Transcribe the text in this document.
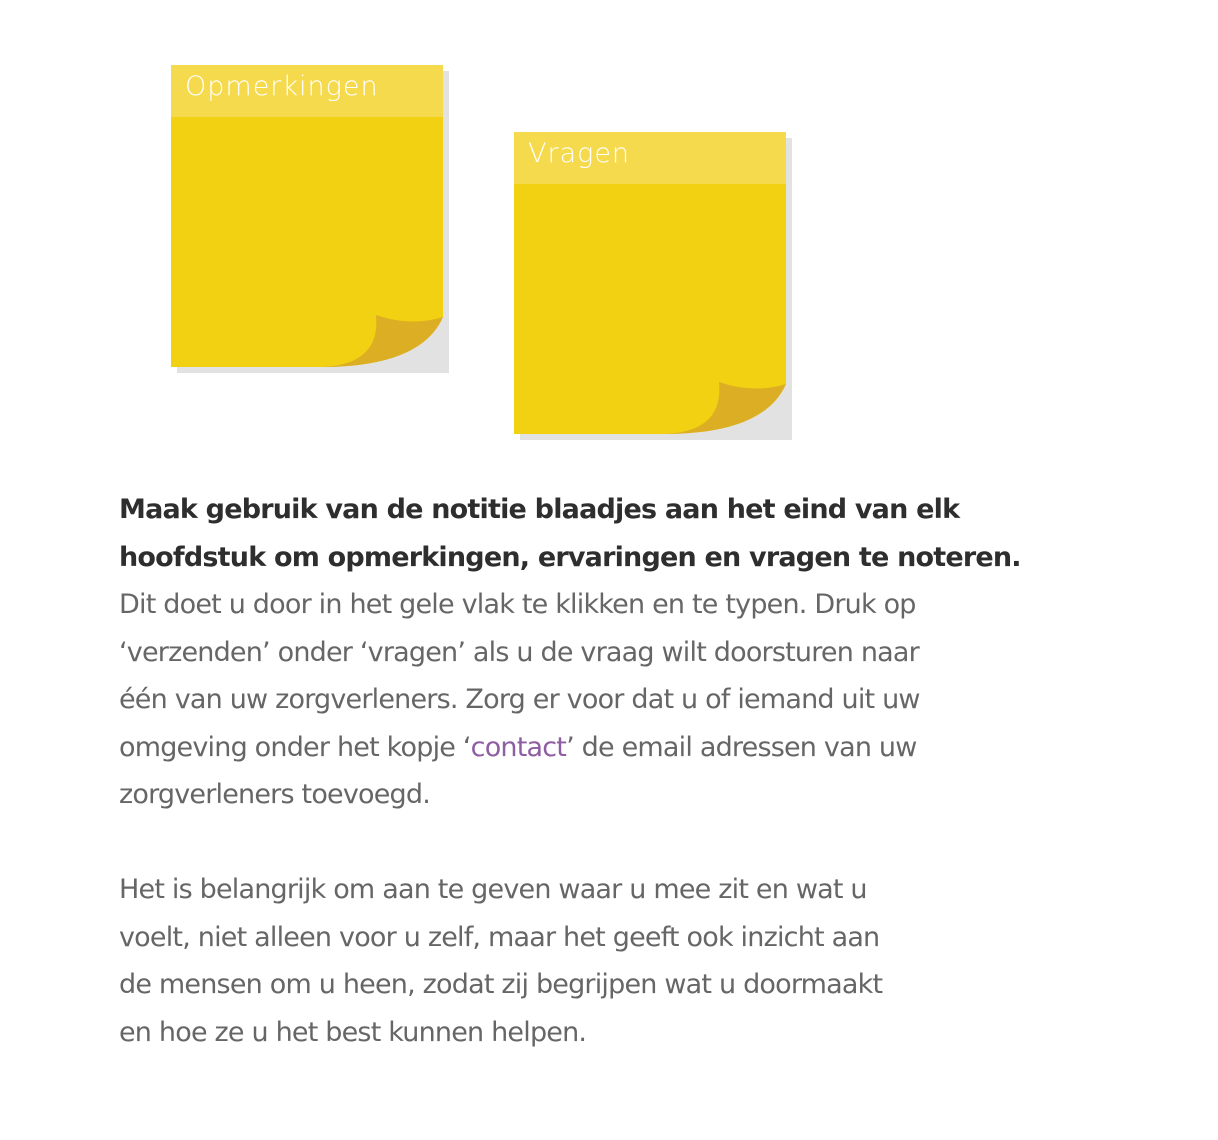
Opmerkingen
Vragen
Maak gebruik van de notitie blaadjes aan het eind van elk
hoofdstuk om opmerkingen, ervaringen en vragen te noteren.
Dit doet u door in het gele vlak te klikken en te typen. Druk op
‘verzenden’ onder ‘vragen’ als u de vraag wilt doorsturen naar
één van uw zorgverleners. Zorg er voor dat u of iemand uit uw
omgeving onder het kopje ‘contact’ de email adressen van uw
zorgverleners toevoegd.
Het is belangrijk om aan te geven waar u mee zit en wat u
voelt, niet alleen voor u zelf, maar het geeft ook inzicht aan
de mensen om u heen, zodat zij begrijpen wat u doormaakt
en hoe ze u het best kunnen helpen.
